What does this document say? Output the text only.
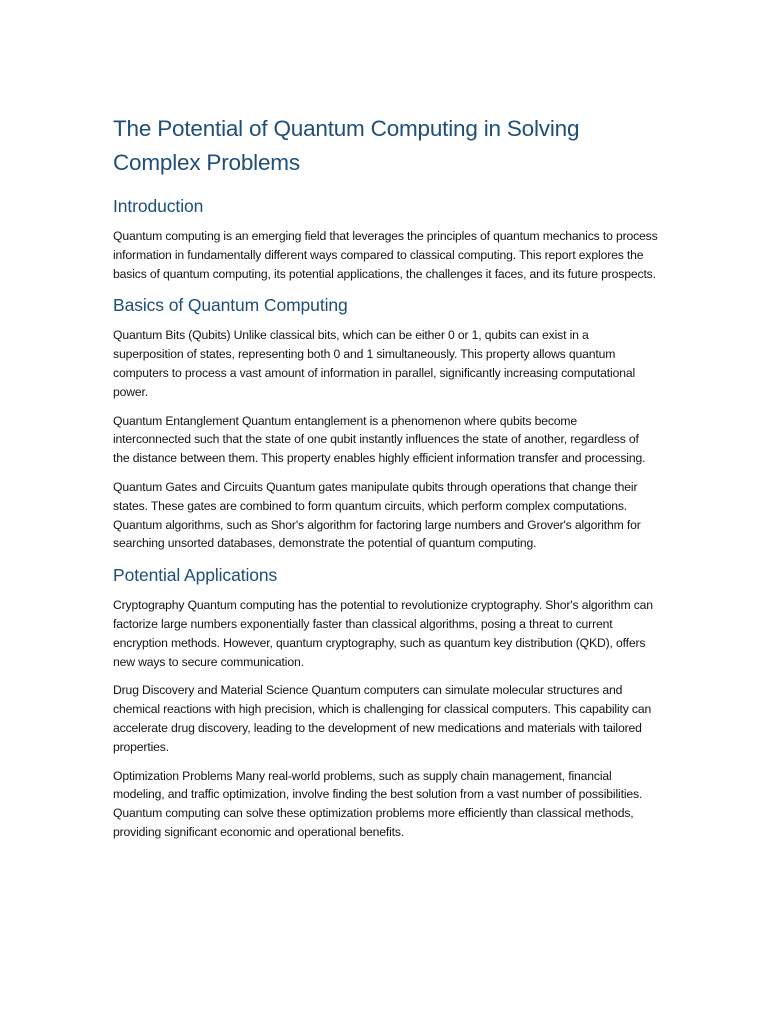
The Potential of Quantum Computing in Solving Complex Problems
Introduction

Quantum computing is an emerging field that leverages the principles of quantum mechanics to process information in fundamentally different ways compared to classical computing. This report explores the basics of quantum computing, its potential applications, the challenges it faces, and its future prospects.

Basics of Quantum Computing

Quantum Bits (Qubits) Unlike classical bits, which can be either 0 or 1, qubits can exist in a superposition of states, representing both 0 and 1 simultaneously. This property allows quantum computers to process a vast amount of information in parallel, significantly increasing computational power.

Quantum Entanglement Quantum entanglement is a phenomenon where qubits become interconnected such that the state of one qubit instantly influences the state of another, regardless of the distance between them. This property enables highly efficient information transfer and processing.

Quantum Gates and Circuits Quantum gates manipulate qubits through operations that change their states. These gates are combined to form quantum circuits, which perform complex computations. Quantum algorithms, such as Shor's algorithm for factoring large numbers and Grover's algorithm for searching unsorted databases, demonstrate the potential of quantum computing.

Potential Applications

Cryptography Quantum computing has the potential to revolutionize cryptography. Shor's algorithm can factorize large numbers exponentially faster than classical algorithms, posing a threat to current encryption methods. However, quantum cryptography, such as quantum key distribution (QKD), offers new ways to secure communication.

Drug Discovery and Material Science Quantum computers can simulate molecular structures and chemical reactions with high precision, which is challenging for classical computers. This capability can accelerate drug discovery, leading to the development of new medications and materials with tailored properties.

Optimization Problems Many real-world problems, such as supply chain management, financial modeling, and traffic optimization, involve finding the best solution from a vast number of possibilities. Quantum computing can solve these optimization problems more efficiently than classical methods, providing significant economic and operational benefits.
